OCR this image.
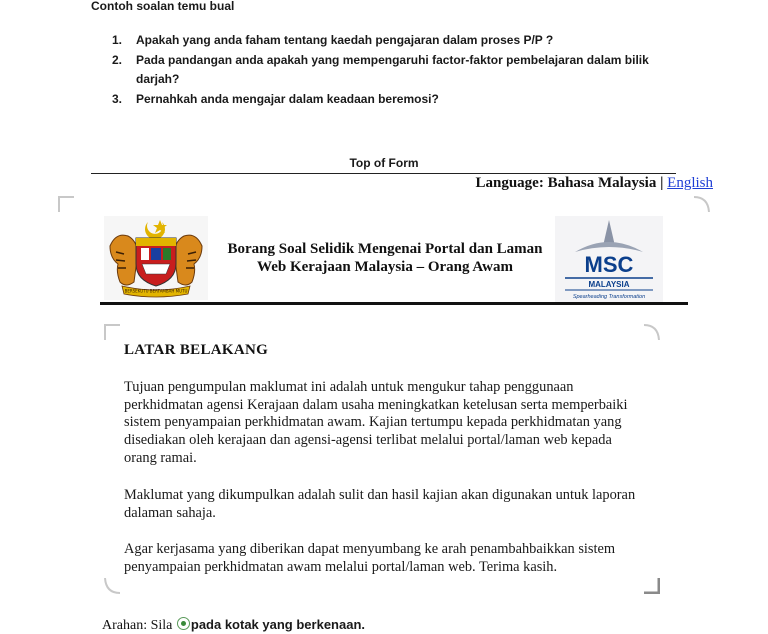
Contoh soalan temu bual
1. Apakah yang anda faham tentang kaedah pengajaran dalam proses P/P ?
2. Pada pandangan anda apakah yang mempengaruhi factor-faktor pembelajaran dalam bilik darjah?
3. Pernahkah anda mengajar dalam keadaan beremosi?
Top of Form
Language: Bahasa Malaysia | English
BERSEKUTU BERTAMBAH MUTU
MSC
MALAYSIA
Spearheading Transformation
Borang Soal Selidik Mengenai Portal dan Laman
Web Kerajaan Malaysia – Orang Awam
LATAR BELAKANG
Tujuan pengumpulan maklumat ini adalah untuk mengukur tahap penggunaan perkhidmatan agensi Kerajaan dalam usaha meningkatkan ketelusan serta memperbaiki sistem penyampaian perkhidmatan awam. Kajian tertumpu kepada perkhidmatan yang disediakan oleh kerajaan dan agensi-agensi terlibat melalui portal/laman web kepada orang ramai.
Maklumat yang dikumpulkan adalah sulit dan hasil kajian akan digunakan untuk laporan dalaman sahaja.
Agar kerjasama yang diberikan dapat menyumbang ke arah penambahbaikkan sistem penyampaian perkhidmatan awam melalui portal/laman web. Terima kasih.
Arahan: Sila pada kotak yang berkenaan.
